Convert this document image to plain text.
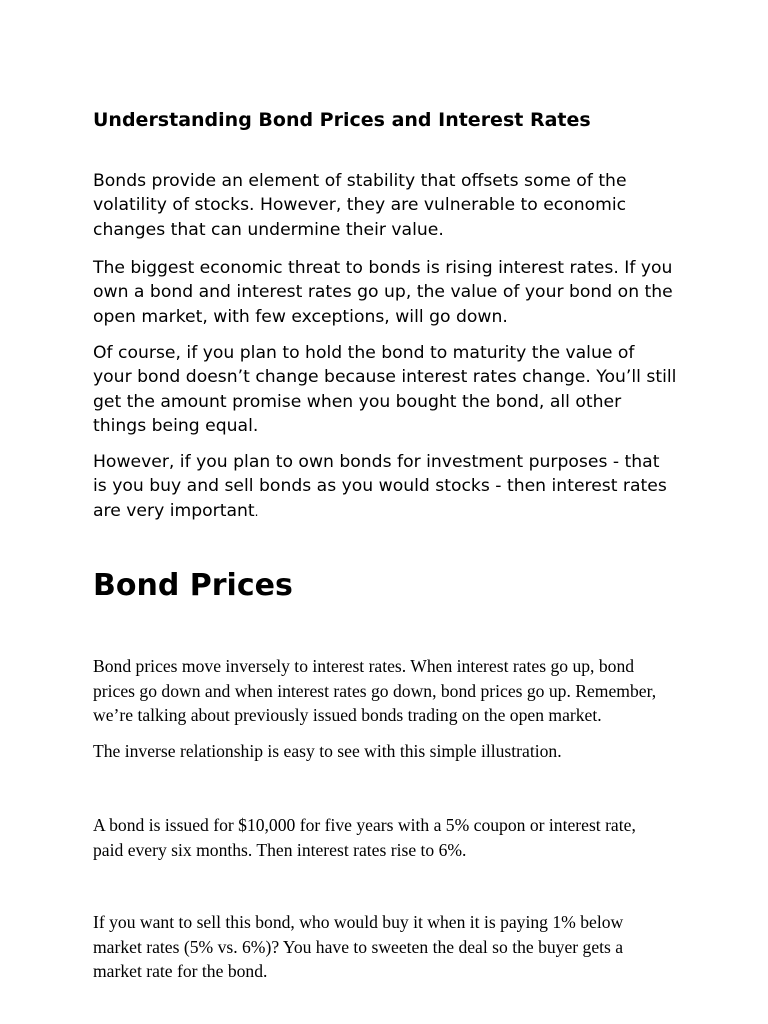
Understanding Bond Prices and Interest Rates

Bonds provide an element of stability that offsets some of the volatility of stocks. However, they are vulnerable to economic changes that can undermine their value.

The biggest economic threat to bonds is rising interest rates. If you own a bond and interest rates go up, the value of your bond on the open market, with few exceptions, will go down.

Of course, if you plan to hold the bond to maturity the value of your bond doesn’t change because interest rates change. You’ll still get the amount promise when you bought the bond, all other things being equal.

However, if you plan to own bonds for investment purposes - that is you buy and sell bonds as you would stocks - then interest rates are very important.

Bond Prices

Bond prices move inversely to interest rates. When interest rates go up, bond prices go down and when interest rates go down, bond prices go up. Remember, we’re talking about previously issued bonds trading on the open market.

The inverse relationship is easy to see with this simple illustration.

A bond is issued for $10,000 for five years with a 5% coupon or interest rate, paid every six months. Then interest rates rise to 6%.

If you want to sell this bond, who would buy it when it is paying 1% below market rates (5% vs. 6%)? You have to sweeten the deal so the buyer gets a market rate for the bond.
